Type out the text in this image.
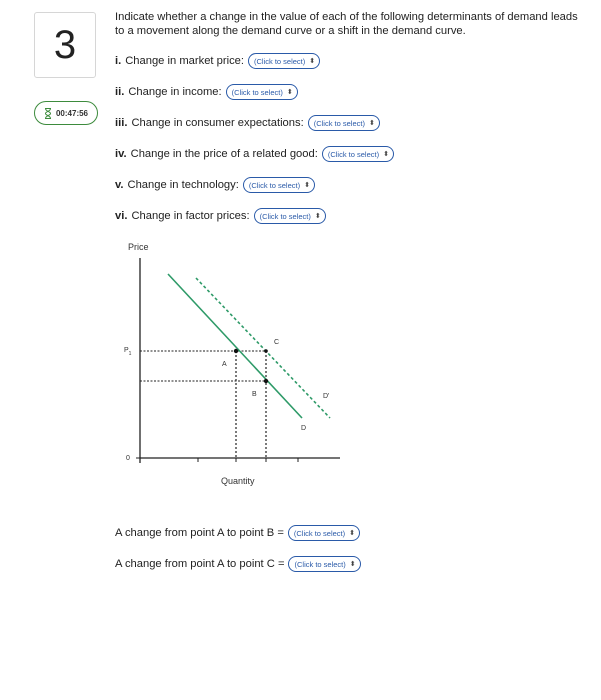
3
00:47:56

Indicate whether a change in the value of each of the following determinants of demand leads to a movement along the demand curve or a shift in the demand curve.

i. Change in market price: (Click to select) ⬍
ii. Change in income: (Click to select) ⬍
iii. Change in consumer expectations: (Click to select) ⬍
iv. Change in the price of a related good: (Click to select) ⬍
v. Change in technology: (Click to select) ⬍
vi. Change in factor prices: (Click to select) ⬍
Price
0
$P_1$
A
B
C
D
D'
Quantity
A change from point A to point B = (Click to select) ⬍
A change from point A to point C = (Click to select) ⬍
